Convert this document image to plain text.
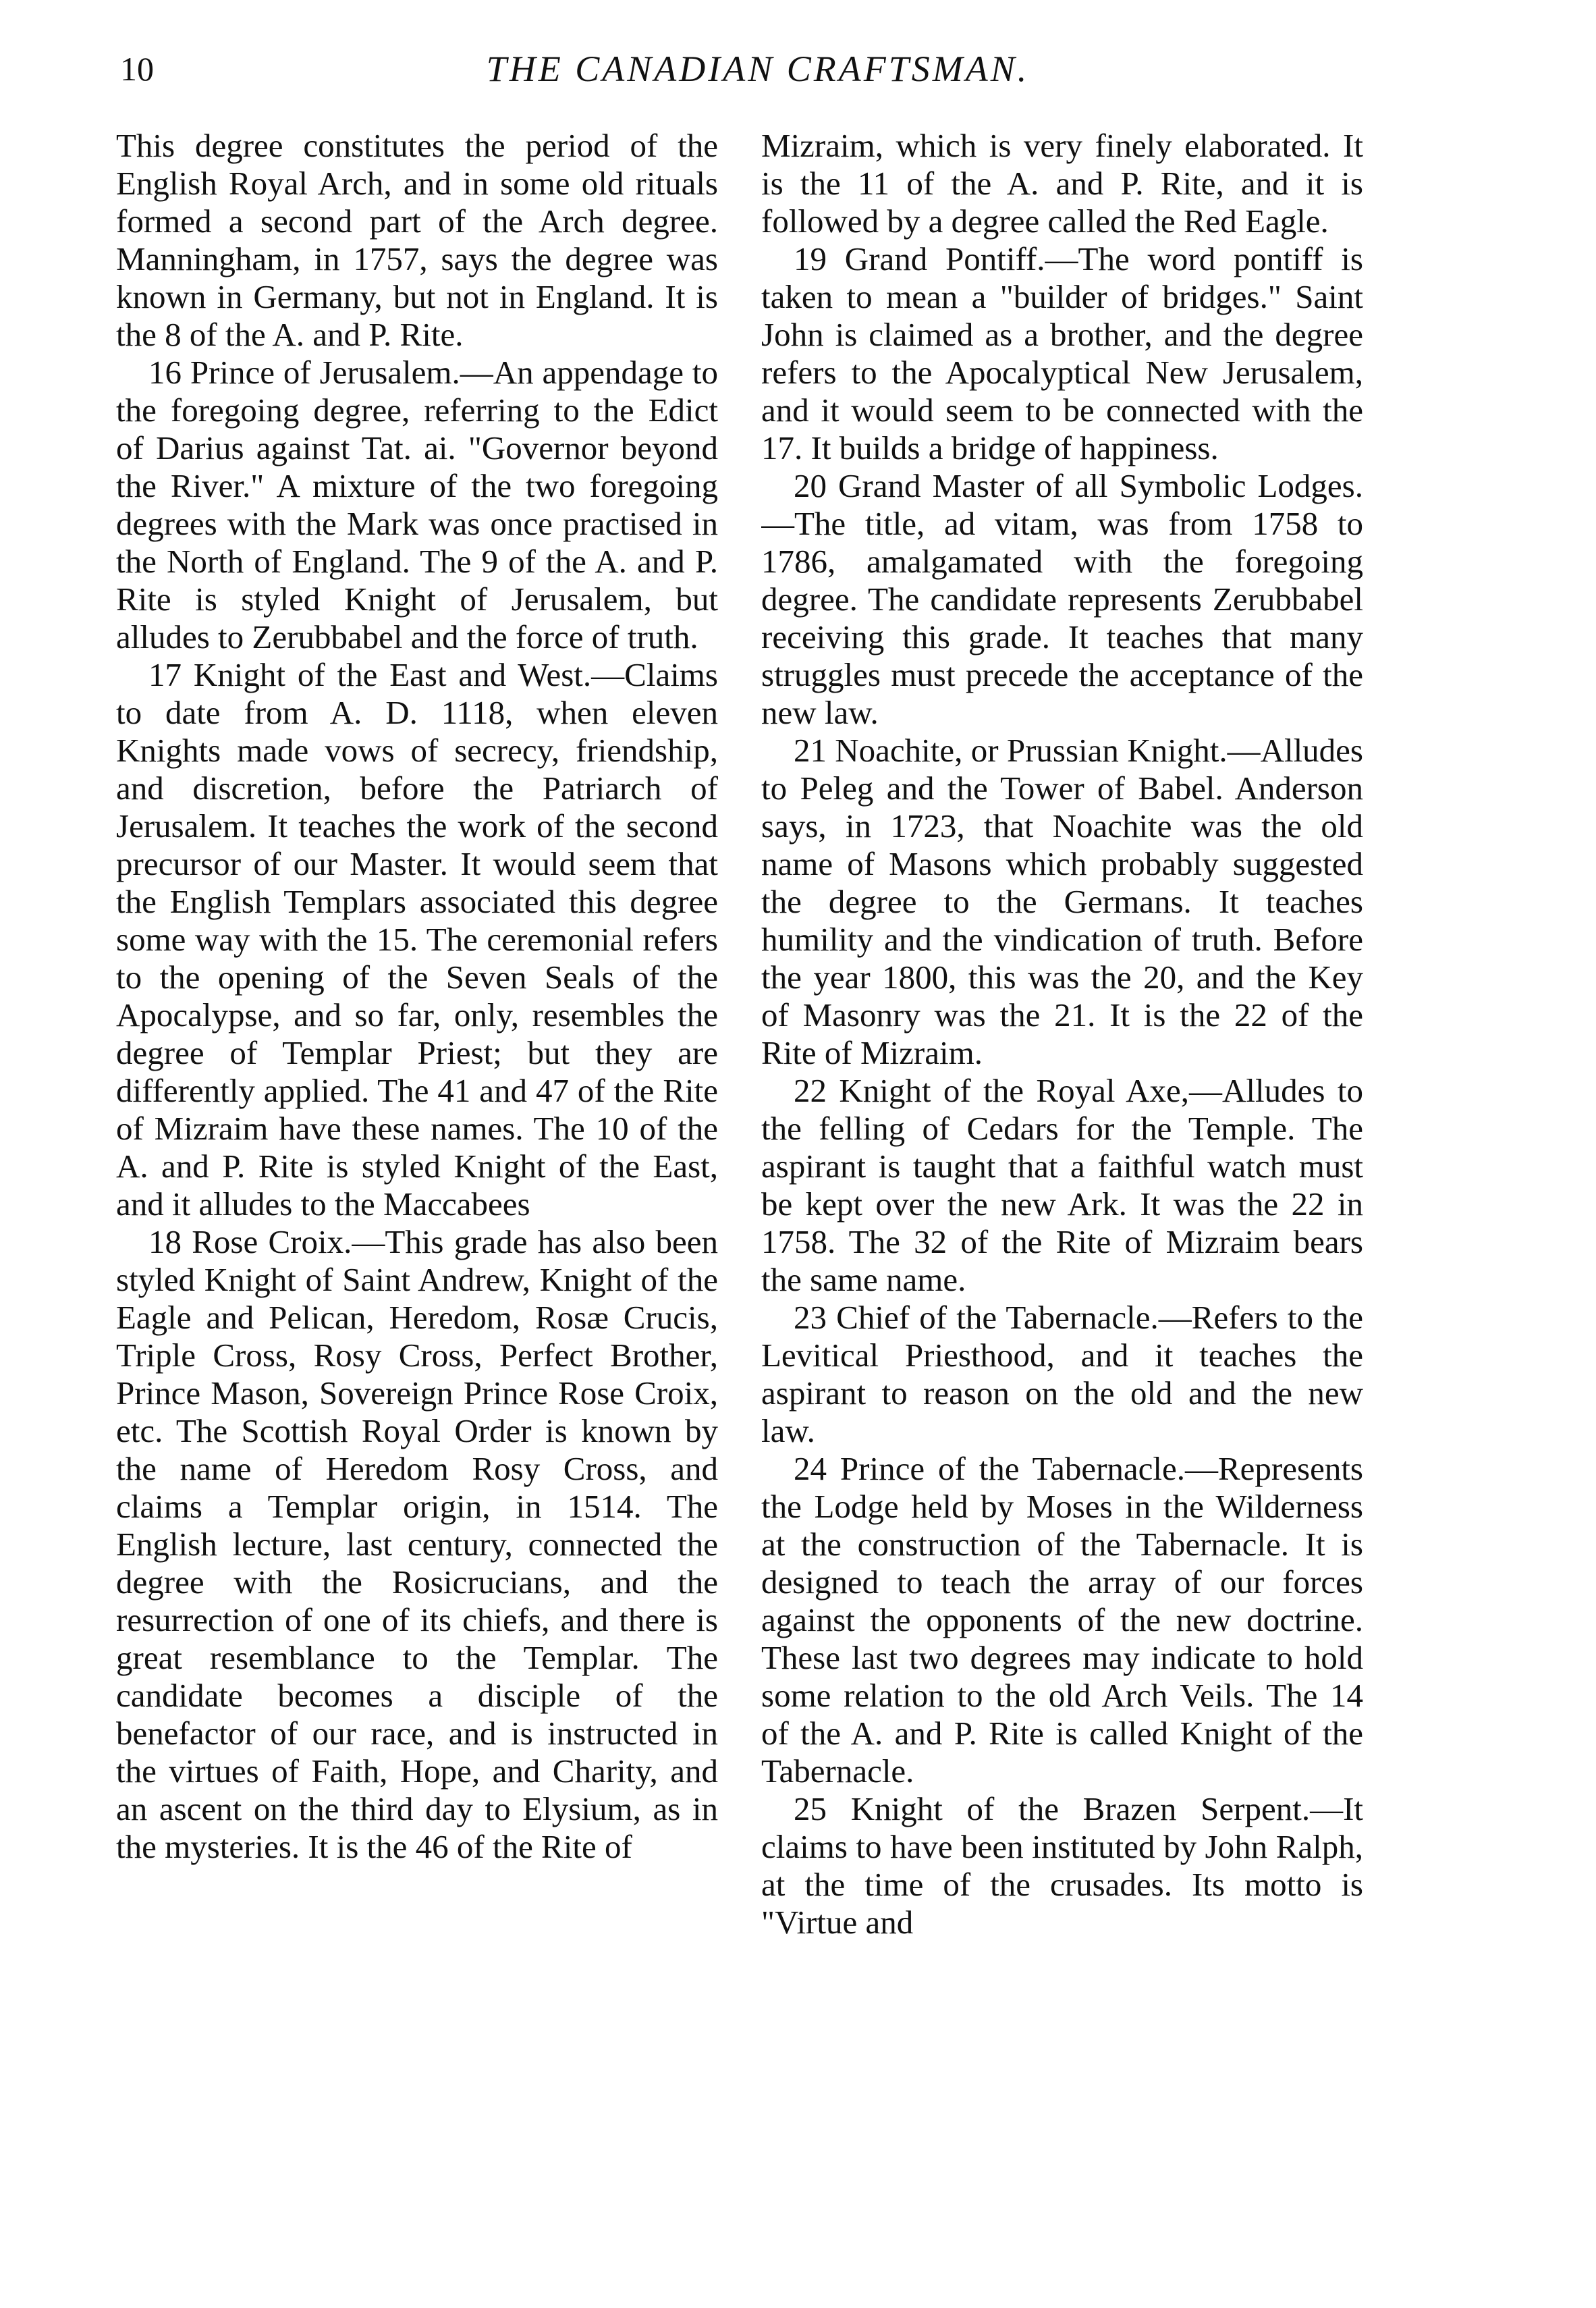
10	THE CANADIAN CRAFTSMAN.

This degree constitutes the period of the English Royal Arch, and in some old rituals formed a second part of the Arch degree. Manningham, in 1757, says the degree was known in Germany, but not in England. It is the 8 of the A. and P. Rite.

16 Prince of Jerusalem.—An appendage to the foregoing degree, referring to the Edict of Darius against Tat. ai. "Governor beyond the River." A mixture of the two foregoing degrees with the Mark was once practised in the North of England. The 9 of the A. and P. Rite is styled Knight of Jerusalem, but alludes to Zerubbabel and the force of truth.

17 Knight of the East and West.—Claims to date from A. D. 1118, when eleven Knights made vows of secrecy, friendship, and discretion, before the Patriarch of Jerusalem. It teaches the work of the second precursor of our Master. It would seem that the English Templars associated this degree some way with the 15. The ceremonial refers to the opening of the Seven Seals of the Apocalypse, and so far, only, resembles the degree of Templar Priest; but they are differently applied. The 41 and 47 of the Rite of Mizraim have these names. The 10 of the A. and P. Rite is styled Knight of the East, and it alludes to the Maccabees

18 Rose Croix.—This grade has also been styled Knight of Saint Andrew, Knight of the Eagle and Pelican, Heredom, Rosæ Crucis, Triple Cross, Rosy Cross, Perfect Brother, Prince Mason, Sovereign Prince Rose Croix, etc. The Scottish Royal Order is known by the name of Heredom Rosy Cross, and claims a Templar origin, in 1514. The English lecture, last century, connected the degree with the Rosicrucians, and the resurrection of one of its chiefs, and there is great resemblance to the Templar. The candidate becomes a disciple of the benefactor of our race, and is instructed in the virtues of Faith, Hope, and Charity, and an ascent on the third day to Elysium, as in the mysteries. It is the 46 of the Rite of

Mizraim, which is very finely elaborated. It is the 11 of the A. and P. Rite, and it is followed by a degree called the Red Eagle.

19 Grand Pontiff.—The word pontiff is taken to mean a "builder of bridges." Saint John is claimed as a brother, and the degree refers to the Apocalyptical New Jerusalem, and it would seem to be connected with the 17. It builds a bridge of happiness.

20 Grand Master of all Symbolic Lodges.—The title, ad vitam, was from 1758 to 1786, amalgamated with the foregoing degree. The candidate represents Zerubbabel receiving this grade. It teaches that many struggles must precede the acceptance of the new law.

21 Noachite, or Prussian Knight.—Alludes to Peleg and the Tower of Babel. Anderson says, in 1723, that Noachite was the old name of Masons which probably suggested the degree to the Germans. It teaches humility and the vindication of truth. Before the year 1800, this was the 20, and the Key of Masonry was the 21. It is the 22 of the Rite of Mizraim.

22 Knight of the Royal Axe,—Alludes to the felling of Cedars for the Temple. The aspirant is taught that a faithful watch must be kept over the new Ark. It was the 22 in 1758. The 32 of the Rite of Mizraim bears the same name.

23 Chief of the Tabernacle.—Refers to the Levitical Priesthood, and it teaches the aspirant to reason on the old and the new law.

24 Prince of the Tabernacle.—Represents the Lodge held by Moses in the Wilderness at the construction of the Tabernacle. It is designed to teach the array of our forces against the opponents of the new doctrine. These last two degrees may indicate to hold some relation to the old Arch Veils. The 14 of the A. and P. Rite is called Knight of the Tabernacle.

25 Knight of the Brazen Serpent.—It claims to have been instituted by John Ralph, at the time of the crusades. Its motto is "Virtue and
